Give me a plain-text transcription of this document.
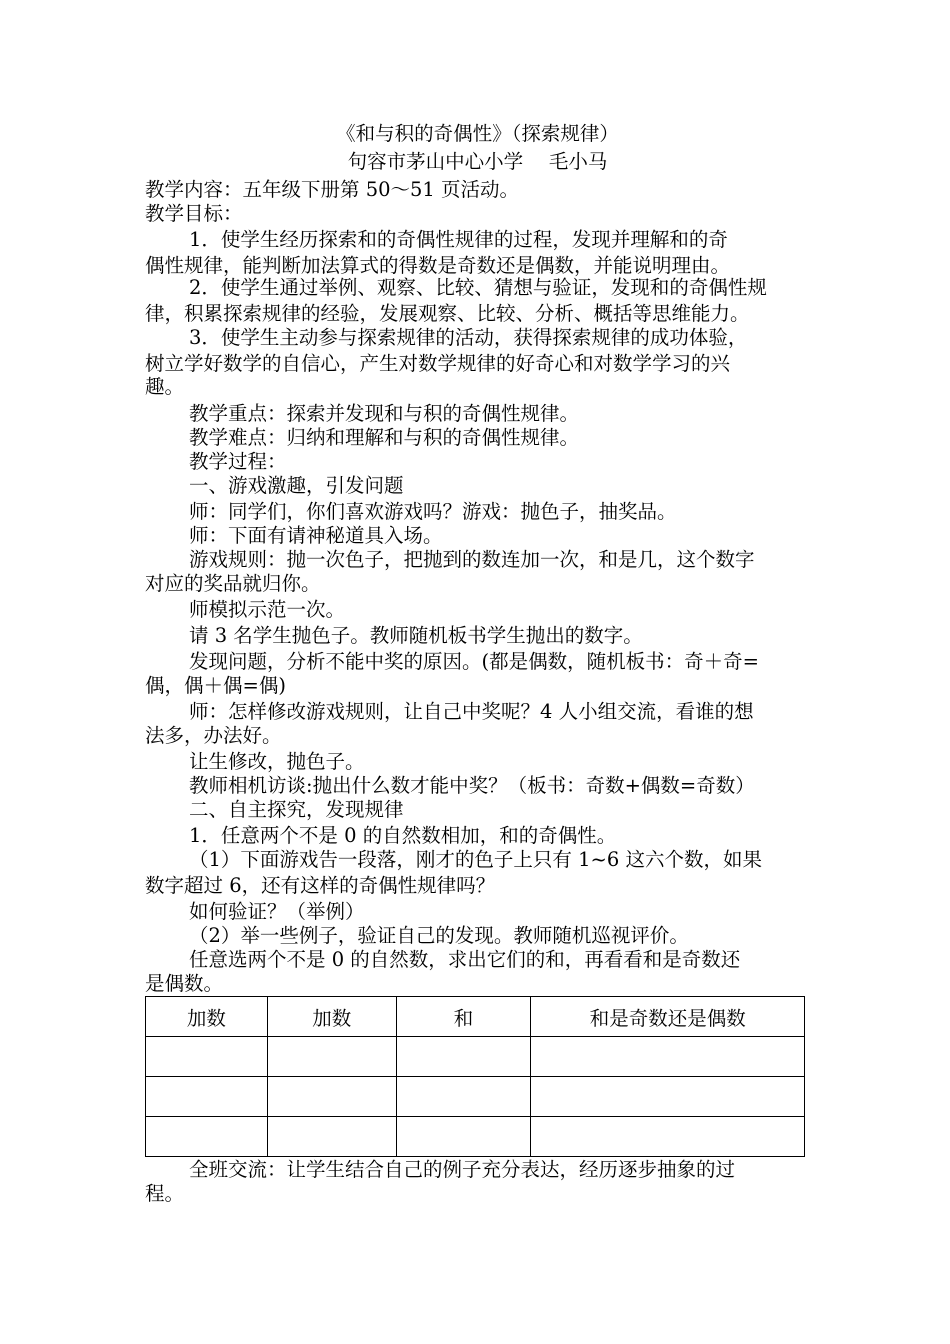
《和与积的奇偶性》（探索规律）
句容市茅山中心小学　 毛小马
教学内容：五年级下册第 50～51 页活动。
教学目标：
1．使学生经历探索和的奇偶性规律的过程，发现并理解和的奇
偶性规律，能判断加法算式的得数是奇数还是偶数，并能说明理由。
2．使学生通过举例、观察、比较、猜想与验证，发现和的奇偶性规
律，积累探索规律的经验，发展观察、比较、分析、概括等思维能力。
3．使学生主动参与探索规律的活动，获得探索规律的成功体验，
树立学好数学的自信心，产生对数学规律的好奇心和对数学学习的兴
趣。
教学重点：探索并发现和与积的奇偶性规律。
教学难点：归纳和理解和与积的奇偶性规律。
教学过程：
一、游戏激趣，引发问题
师：同学们，你们喜欢游戏吗？游戏：抛色子，抽奖品。
师：下面有请神秘道具入场。
游戏规则：抛一次色子，把抛到的数连加一次，和是几，这个数字
对应的奖品就归你。
师模拟示范一次。
请 3 名学生抛色子。教师随机板书学生抛出的数字。
发现问题，分析不能中奖的原因。(都是偶数，随机板书：奇＋奇=
偶，偶＋偶=偶)
师：怎样修改游戏规则，让自己中奖呢？4 人小组交流，看谁的想
法多，办法好。
让生修改，抛色子。
教师相机访谈:抛出什么数才能中奖？（板书：奇数+偶数=奇数）
二、自主探究，发现规律
1．任意两个不是 0 的自然数相加，和的奇偶性。
（1）下面游戏告一段落，刚才的色子上只有 1~6 这六个数，如果
数字超过 6，还有这样的奇偶性规律吗？
如何验证？（举例）
（2）举一些例子，验证自己的发现。教师随机巡视评价。
任意选两个不是 0 的自然数，求出它们的和，再看看和是奇数还
是偶数。
加数	加数	和	和是奇数还是偶数

全班交流：让学生结合自己的例子充分表达，经历逐步抽象的过
程。
